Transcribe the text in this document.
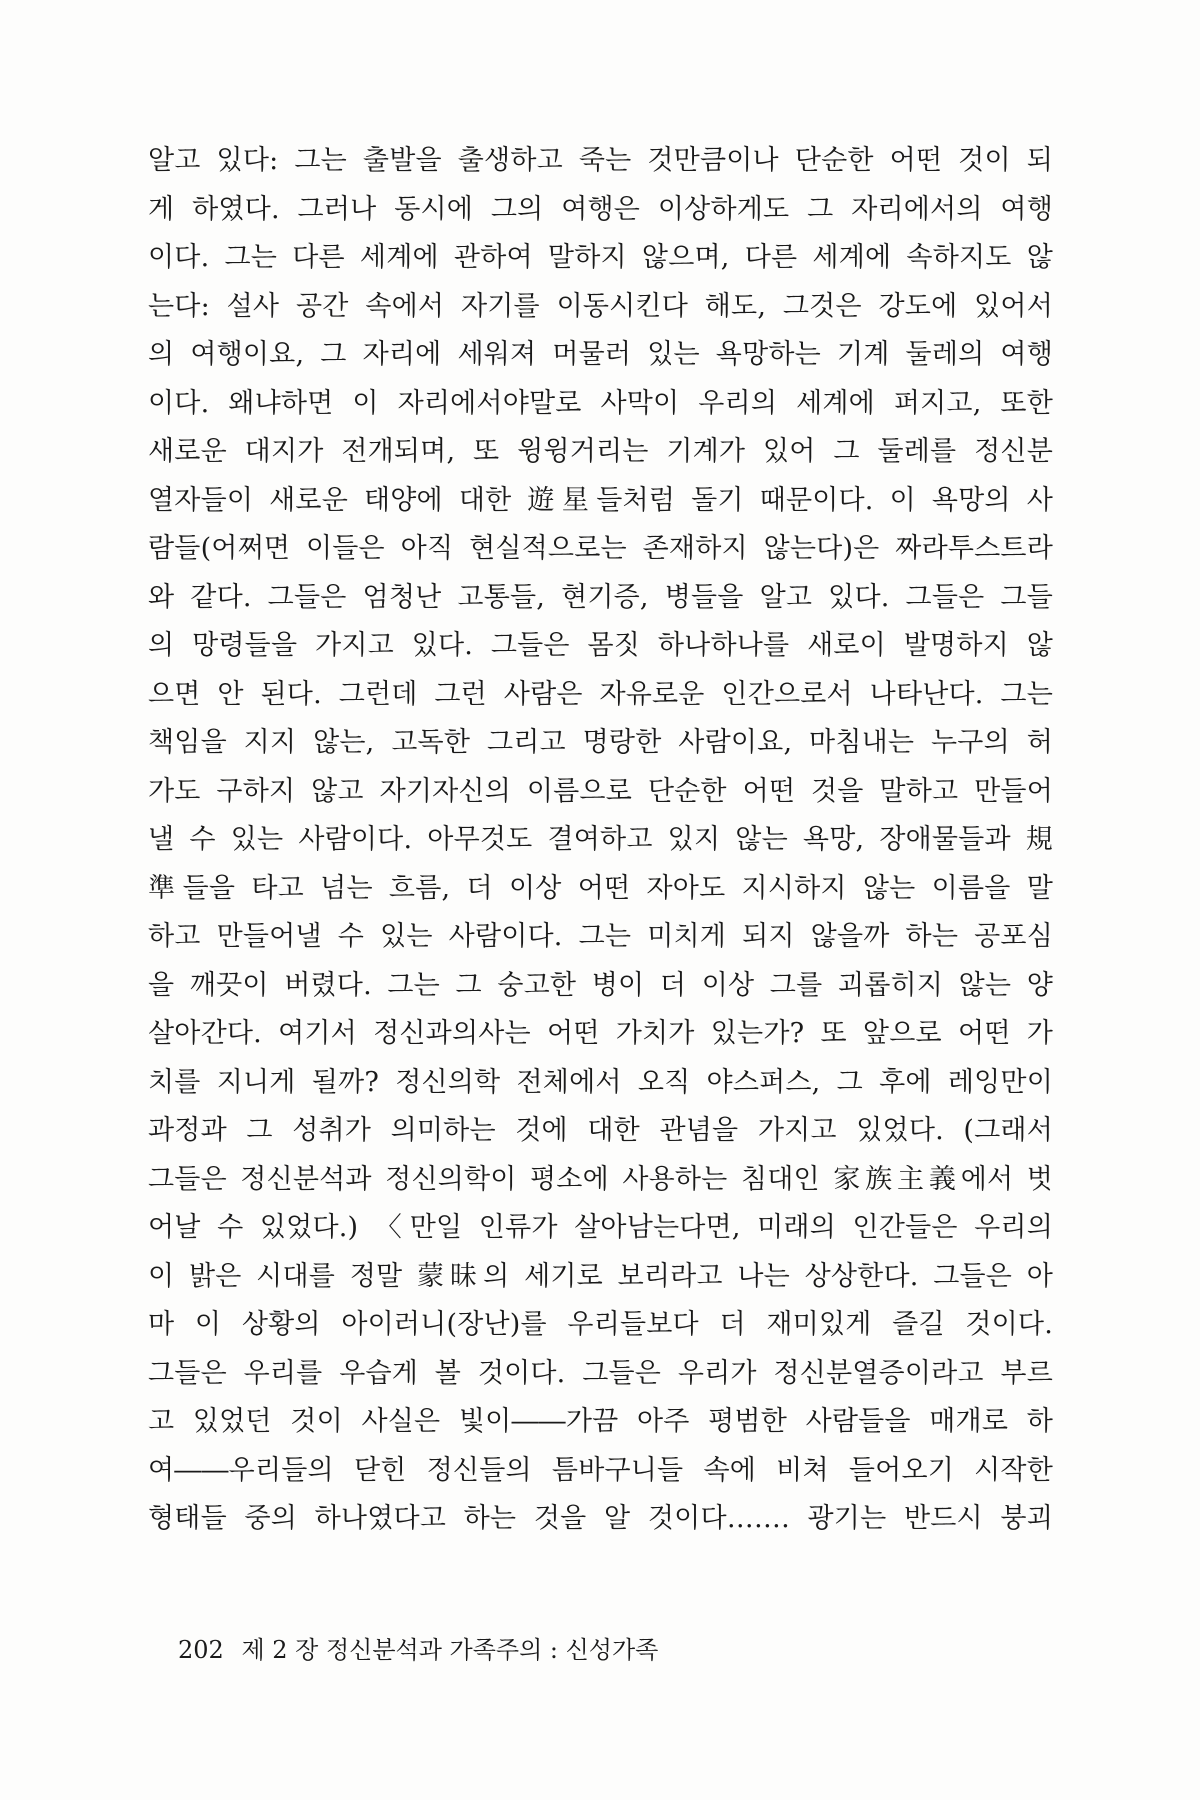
알고 있다: 그는 출발을 출생하고 죽는 것만큼이나 단순한 어떤 것이 되
게 하였다. 그러나 동시에 그의 여행은 이상하게도 그 자리에서의 여행
이다. 그는 다른 세계에 관하여 말하지 않으며, 다른 세계에 속하지도 않
는다: 설사 공간 속에서 자기를 이동시킨다 해도, 그것은 강도에 있어서
의 여행이요, 그 자리에 세워져 머물러 있는 욕망하는 기계 둘레의 여행
이다. 왜냐하면 이 자리에서야말로 사막이 우리의 세계에 퍼지고, 또한
새로운 대지가 전개되며, 또 윙윙거리는 기계가 있어 그 둘레를 정신분
열자들이 새로운 태양에 대한 遊星들처럼 돌기 때문이다. 이 욕망의 사
람들(어쩌면 이들은 아직 현실적으로는 존재하지 않는다)은 짜라투스트라
와 같다. 그들은 엄청난 고통들, 현기증, 병들을 알고 있다. 그들은 그들
의 망령들을 가지고 있다. 그들은 몸짓 하나하나를 새로이 발명하지 않
으면 안 된다. 그런데 그런 사람은 자유로운 인간으로서 나타난다. 그는
책임을 지지 않는, 고독한 그리고 명랑한 사람이요, 마침내는 누구의 허
가도 구하지 않고 자기자신의 이름으로 단순한 어떤 것을 말하고 만들어
낼 수 있는 사람이다. 아무것도 결여하고 있지 않는 욕망, 장애물들과 規
準들을 타고 넘는 흐름, 더 이상 어떤 자아도 지시하지 않는 이름을 말
하고 만들어낼 수 있는 사람이다. 그는 미치게 되지 않을까 하는 공포심
을 깨끗이 버렸다. 그는 그 숭고한 병이 더 이상 그를 괴롭히지 않는 양
살아간다. 여기서 정신과의사는 어떤 가치가 있는가? 또 앞으로 어떤 가
치를 지니게 될까? 정신의학 전체에서 오직 야스퍼스, 그 후에 레잉만이
과정과 그 성취가 의미하는 것에 대한 관념을 가지고 있었다. (그래서
그들은 정신분석과 정신의학이 평소에 사용하는 침대인 家族主義에서 벗
어날 수 있었다.) 〈만일 인류가 살아남는다면, 미래의 인간들은 우리의
이 밝은 시대를 정말 蒙昧의 세기로 보리라고 나는 상상한다. 그들은 아
마 이 상황의 아이러니(장난)를 우리들보다 더 재미있게 즐길 것이다.
그들은 우리를 우습게 볼 것이다. 그들은 우리가 정신분열증이라고 부르
고 있었던 것이 사실은 빛이――가끔 아주 평범한 사람들을 매개로 하
여――우리들의 닫힌 정신들의 틈바구니들 속에 비쳐 들어오기 시작한
형태들 중의 하나였다고 하는 것을 알 것이다……. 광기는 반드시 붕괴
202 제 2 장 정신분석과 가족주의 : 신성가족
